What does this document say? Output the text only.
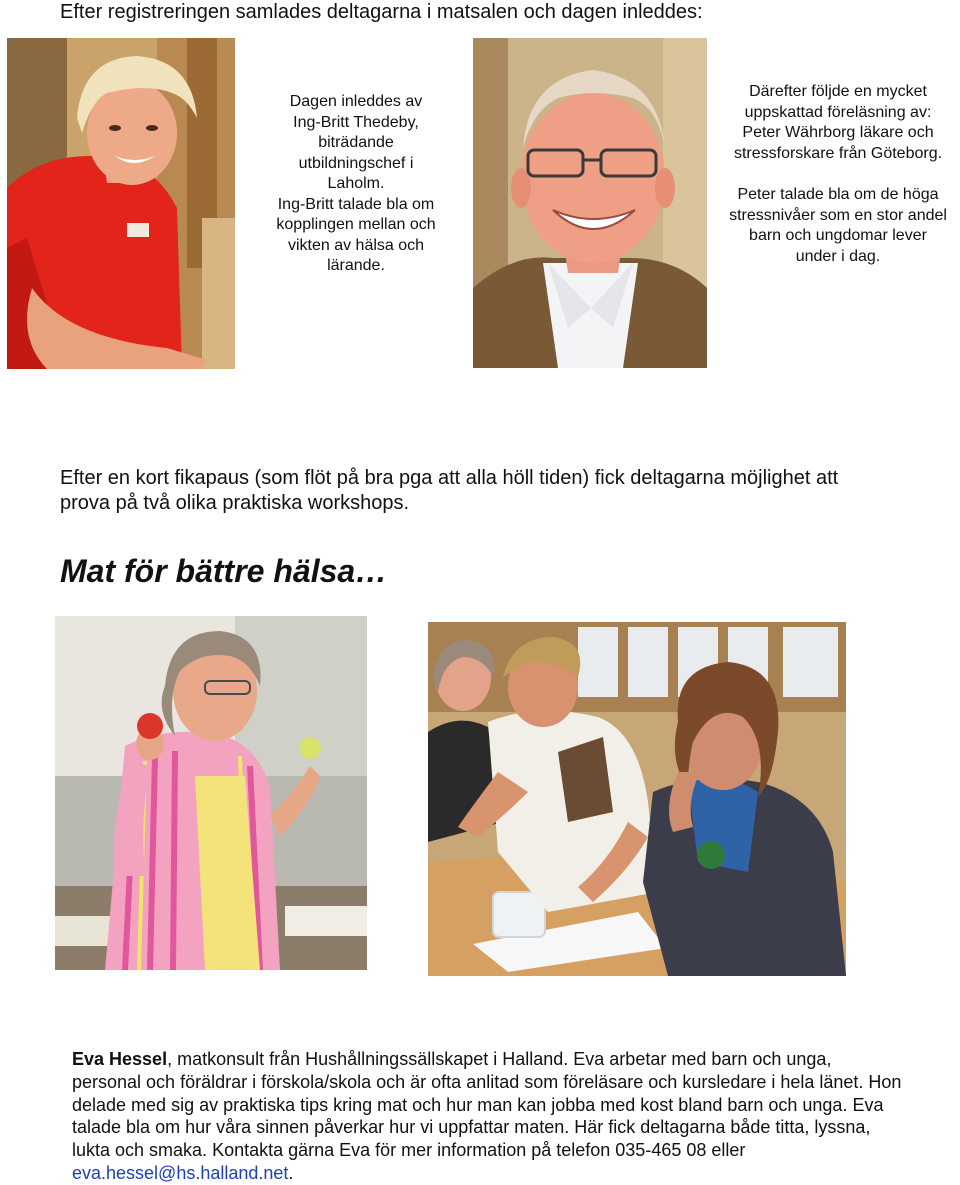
Efter registreringen samlades deltagarna i matsalen och dagen inleddes:

Dagen inleddes av

Ing-Britt Thedeby,

biträdande

utbildningschef i

Laholm.

Ing-Britt talade bla om

kopplingen mellan och

vikten av hälsa och

lärande.

Därefter följde en mycket

uppskattad föreläsning av:

Peter Währborg läkare och

stressforskare från Göteborg.

Peter talade bla om de höga

stressnivåer som en stor andel

barn och ungdomar lever

under i dag.

Efter en kort fikapaus (som flöt på bra pga att alla höll tiden) fick deltagarna möjlighet att prova på två olika praktiska workshops.
Mat för bättre hälsa…
Eva Hessel, matkonsult från Hushållningssällskapet i Halland. Eva arbetar med barn och unga, personal och föräldrar i förskola/skola och är ofta anlitad som föreläsare och kursledare i hela länet. Hon delade med sig av praktiska tips kring mat och hur man kan jobba med kost bland barn och unga. Eva talade bla om hur våra sinnen påverkar hur vi uppfattar maten. Här fick deltagarna både titta, lyssna, lukta och smaka. Kontakta gärna Eva för mer information på telefon 035-465 08 eller eva.hessel@hs.halland.net.
